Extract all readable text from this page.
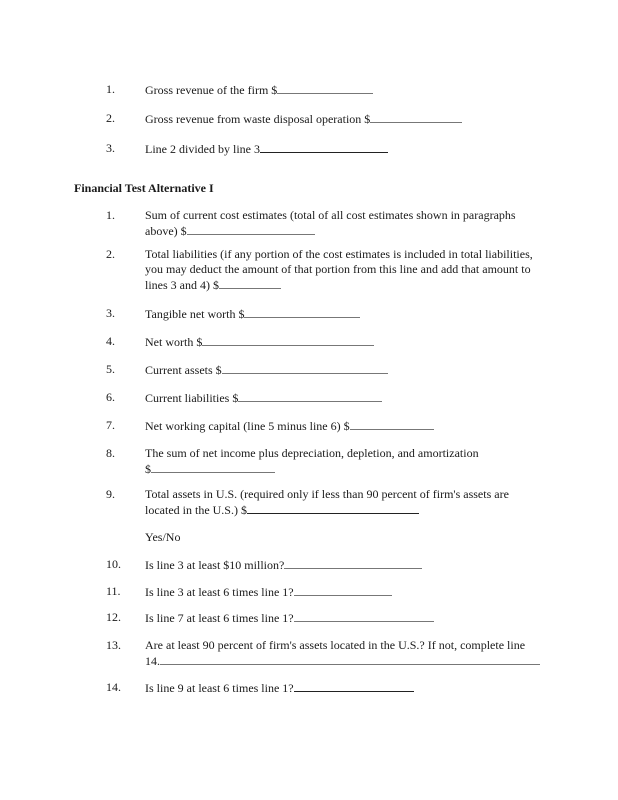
1.	Gross revenue of the firm $
2.	Gross revenue from waste disposal operation $
3.	Line 2 divided by line 3
Financial Test Alternative I
1.	Sum of current cost estimates (total of all cost estimates shown in paragraphs
above) $
2.	Total liabilities (if any portion of the cost estimates is included in total liabilities,
you may deduct the amount of that portion from this line and add that amount to
lines 3 and 4) $
3.	Tangible net worth $
4.	Net worth $
5.	Current assets $
6.	Current liabilities $
7.	Net working capital (line 5 minus line 6) $
8.	The sum of net income plus depreciation, depletion, and amortization
$
9.	Total assets in U.S. (required only if less than 90 percent of firm's assets are
located in the U.S.) $
Yes/No
10.	Is line 3 at least $10 million?
11.	Is line 3 at least 6 times line 1?
12.	Is line 7 at least 6 times line 1?
13.	Are at least 90 percent of firm's assets located in the U.S.? If not, complete line
14.
14.	Is line 9 at least 6 times line 1?
